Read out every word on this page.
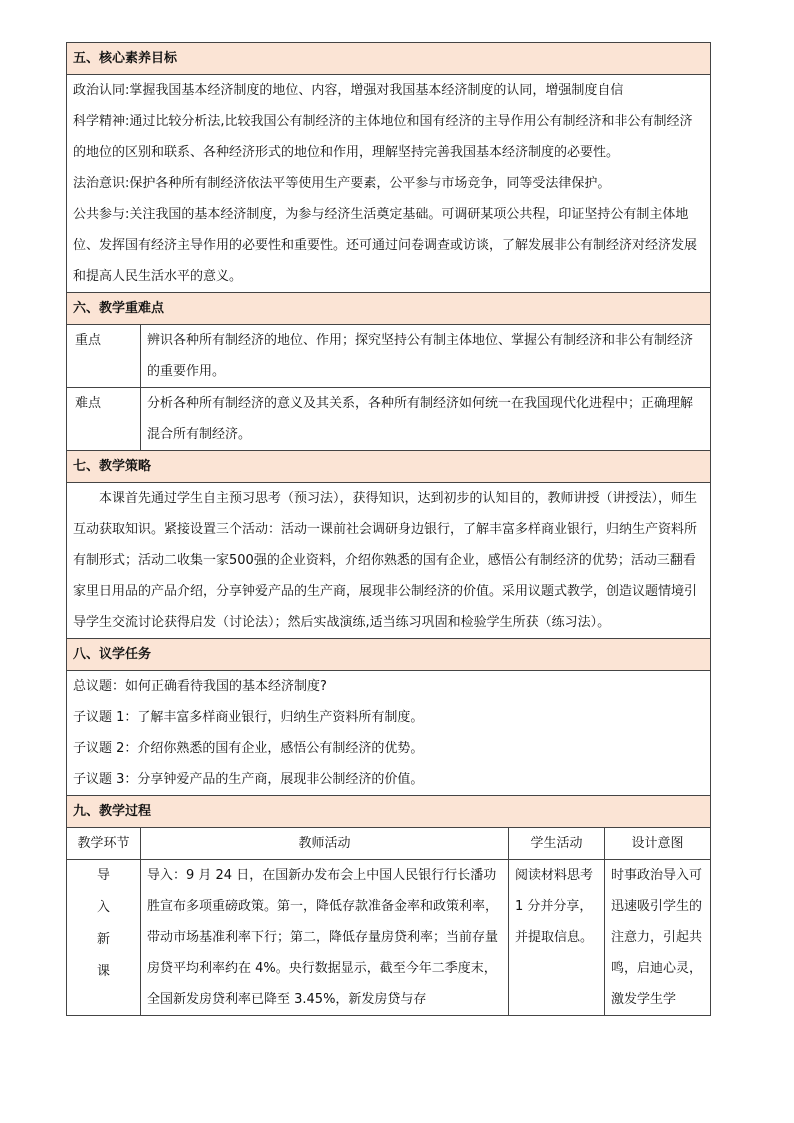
五、核心素养目标			

政治认同:掌握我国基本经济制度的地位、内容，增强对我国基本经济制度的认同，增强制度自信

科学精神:通过比较分析法,比较我国公有制经济的主体地位和国有经济的主导作用公有制经济和非公有制经济的地位的区别和联系、各种经济形式的地位和作用，理解坚持完善我国基本经济制度的必要性。

法治意识:保护各种所有制经济依法平等使用生产要素，公平参与市场竞争，同等受法律保护。

公共参与:关注我国的基本经济制度，为参与经济生活奠定基础。可调研某项公共程，印证坚持公有制主体地位、发挥国有经济主导作用的必要性和重要性。还可通过问卷调查或访谈，了解发展非公有制经济对经济发展和提高人民生活水平的意义。			

六、教学重难点			
重点	辨识各种所有制经济的地位、作用；探究坚持公有制主体地位、掌握公有制经济和非公有制经济的重要作用。		
难点	分析各种所有制经济的意义及其关系，各种所有制经济如何统一在我国现代化进程中；正确理解混合所有制经济。		
七、教学策略			

本课首先通过学生自主预习思考（预习法），获得知识，达到初步的认知目的，教师讲授（讲授法），师生互动获取知识。紧接设置三个活动：活动一课前社会调研身边银行，了解丰富多样商业银行，归纳生产资料所有制形式；活动二收集一家500强的企业资料，介绍你熟悉的国有企业，感悟公有制经济的优势；活动三翻看家里日用品的产品介绍，分享钟爱产品的生产商，展现非公制经济的价值。采用议题式教学，创造议题情境引导学生交流讨论获得启发（讨论法）；然后实战演练,适当练习巩固和检验学生所获（练习法）。			

八、议学任务			

总议题：如何正确看待我国的基本经济制度?

子议题 1：了解丰富多样商业银行，归纳生产资料所有制度。

子议题 2：介绍你熟悉的国有企业，感悟公有制经济的优势。

子议题 3：分享钟爱产品的生产商，展现非公制经济的价值。			

九、教学过程			
教学环节	教师活动	学生活动	设计意图

导
入
新
课	导入：9 月 24 日，在国新办发布会上中国人民银行行长潘功胜宣布多项重磅政策。第一，降低存款准备金率和政策利率，带动市场基准利率下行；第二，降低存量房贷利率；当前存量房贷平均利率约在 4%。央行数据显示，截至今年二季度末，全国新发房贷利率已降至 3.45%，新发房贷与存	阅读材料思考 1 分并分享，并提取信息。	时事政治导入可迅速吸引学生的注意力，引起共鸣，启迪心灵，激发学生学
